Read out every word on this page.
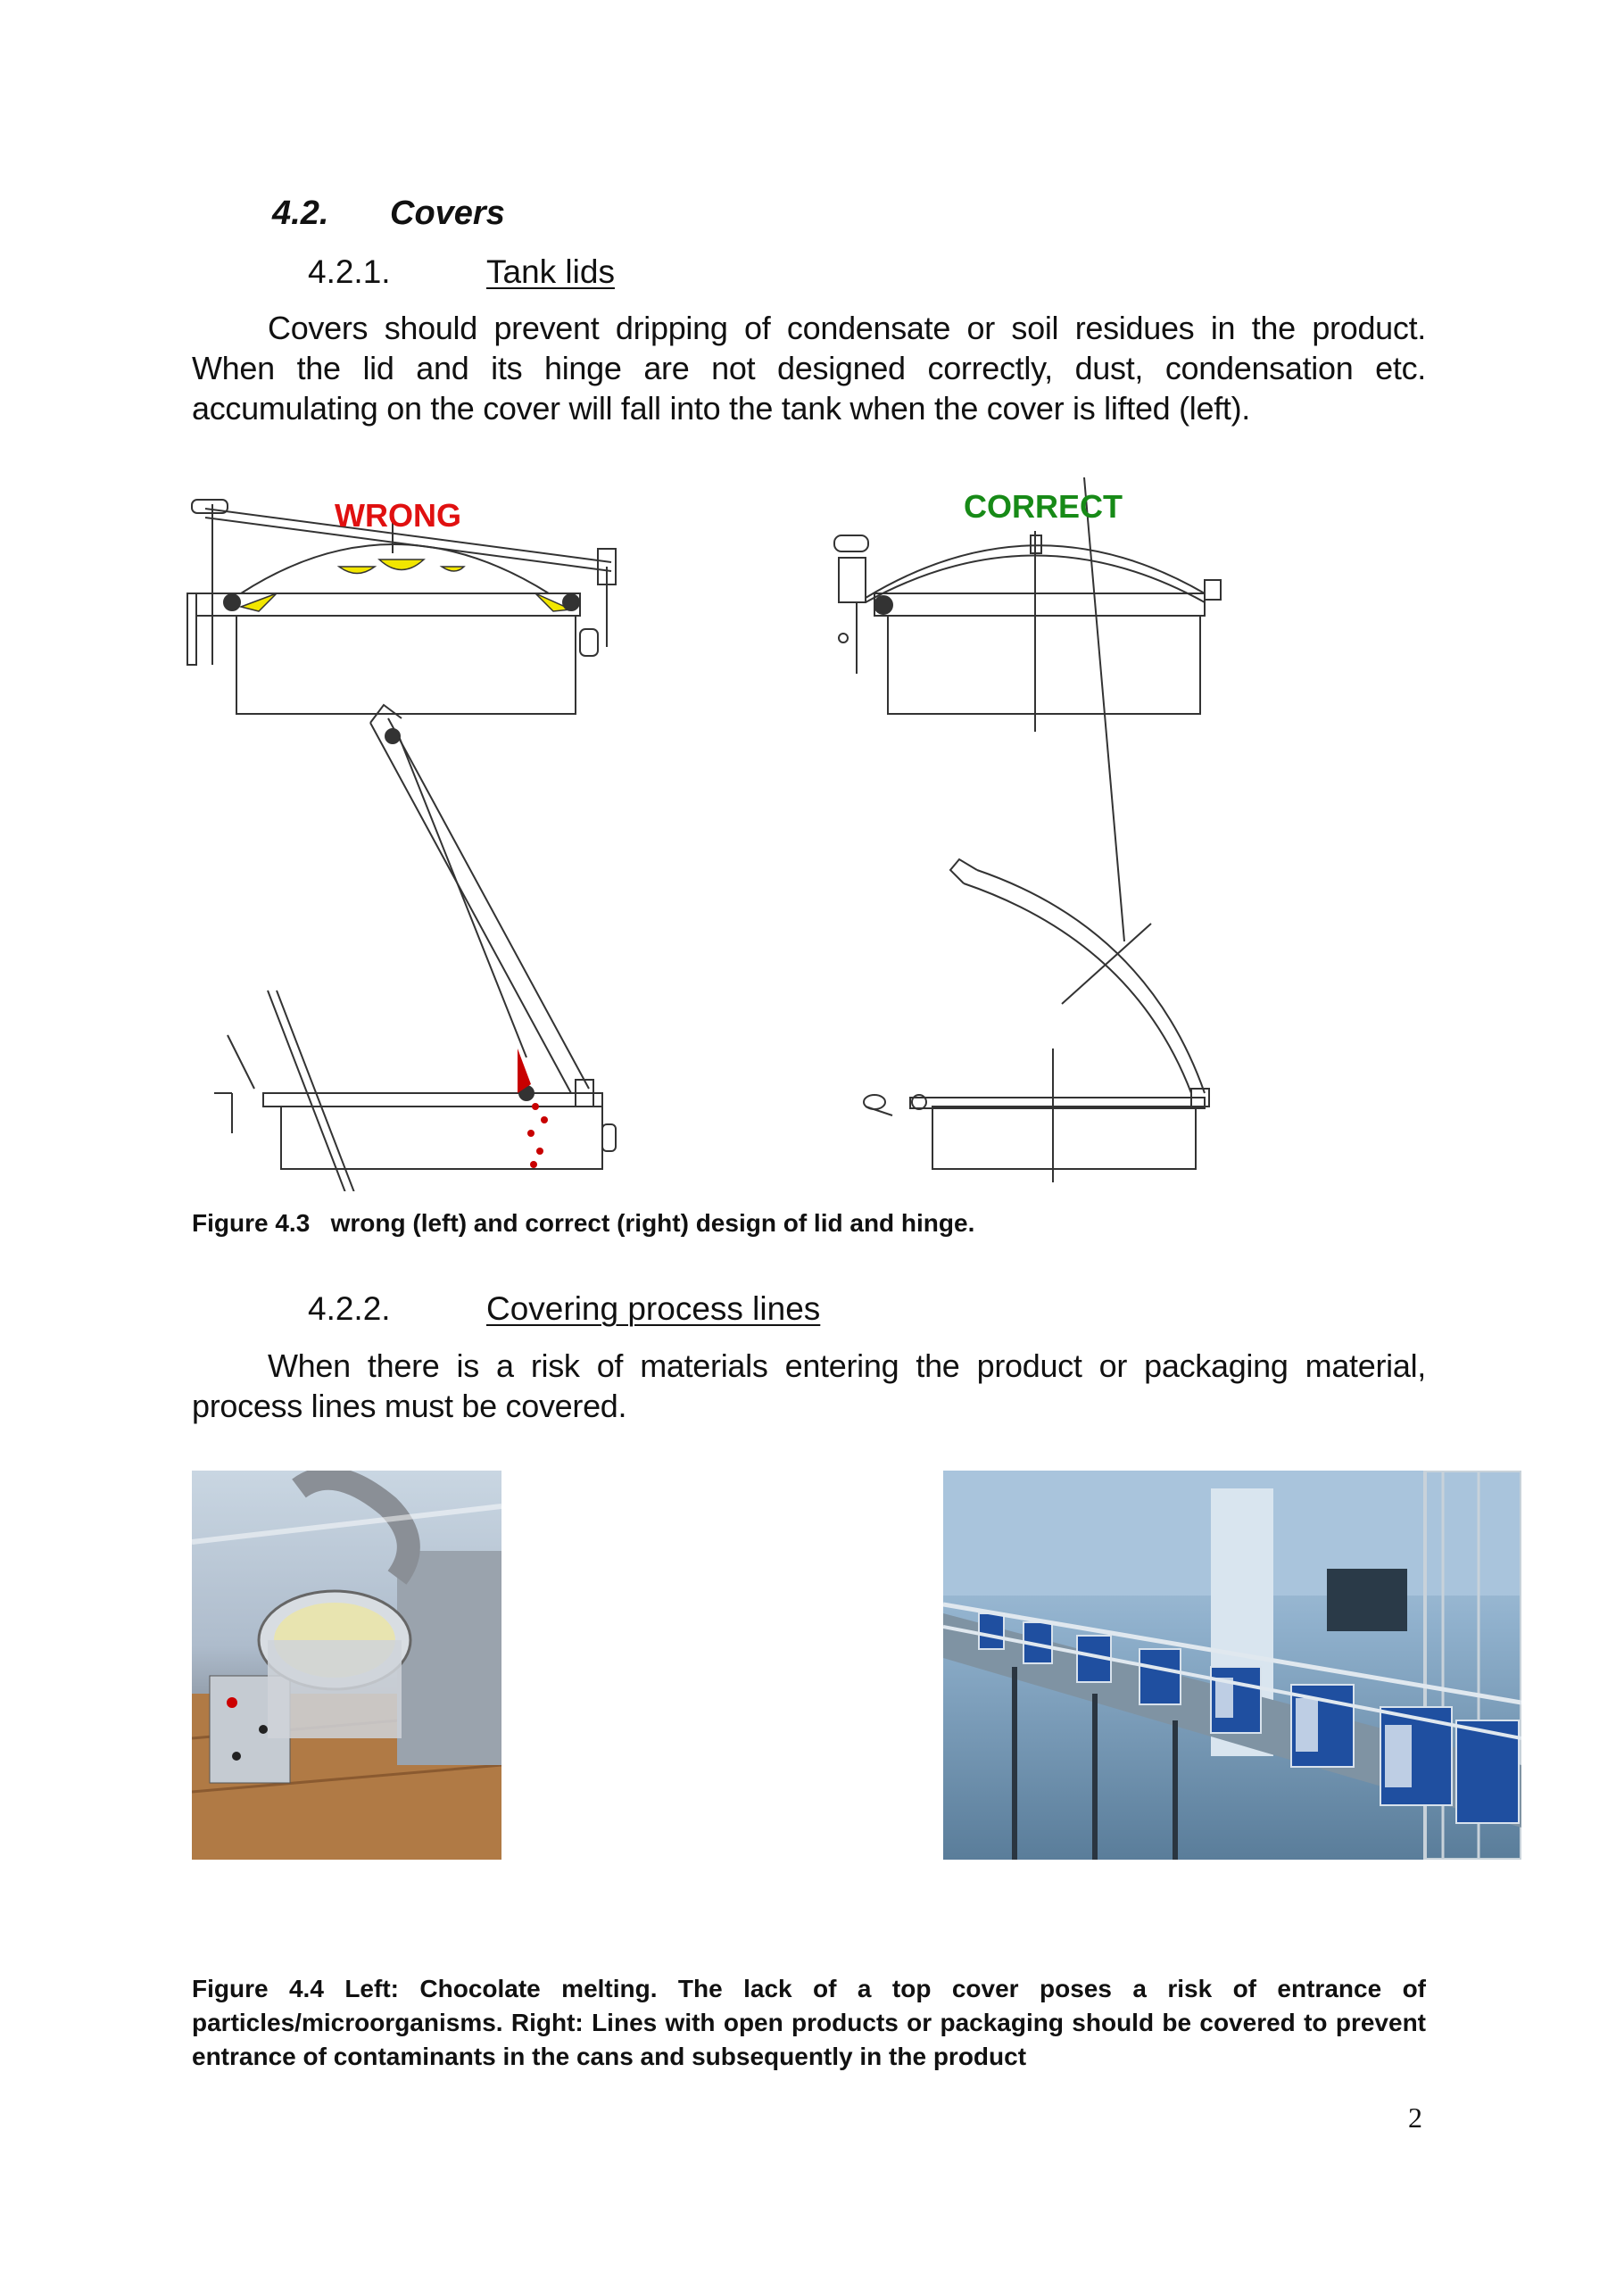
4.2. Covers
4.2.1.	Tank lids
Covers should prevent dripping of condensate or soil residues in the product. When the lid and its hinge are not designed correctly, dust, condensation etc. accumulating on the cover will fall into the tank when the cover is lifted (left).
WRONG	CORRECT
Figure 4.3   wrong (left) and correct (right) design of lid and hinge.
4.2.2.	Covering process lines
When there is a risk of materials entering the product or packaging material, process lines must be covered.
Figure 4.4 Left: Chocolate melting. The lack of a top cover poses a risk of entrance of particles/microorganisms. Right: Lines with open products or packaging should be covered to prevent entrance of contaminants in the cans and subsequently in the product
2
